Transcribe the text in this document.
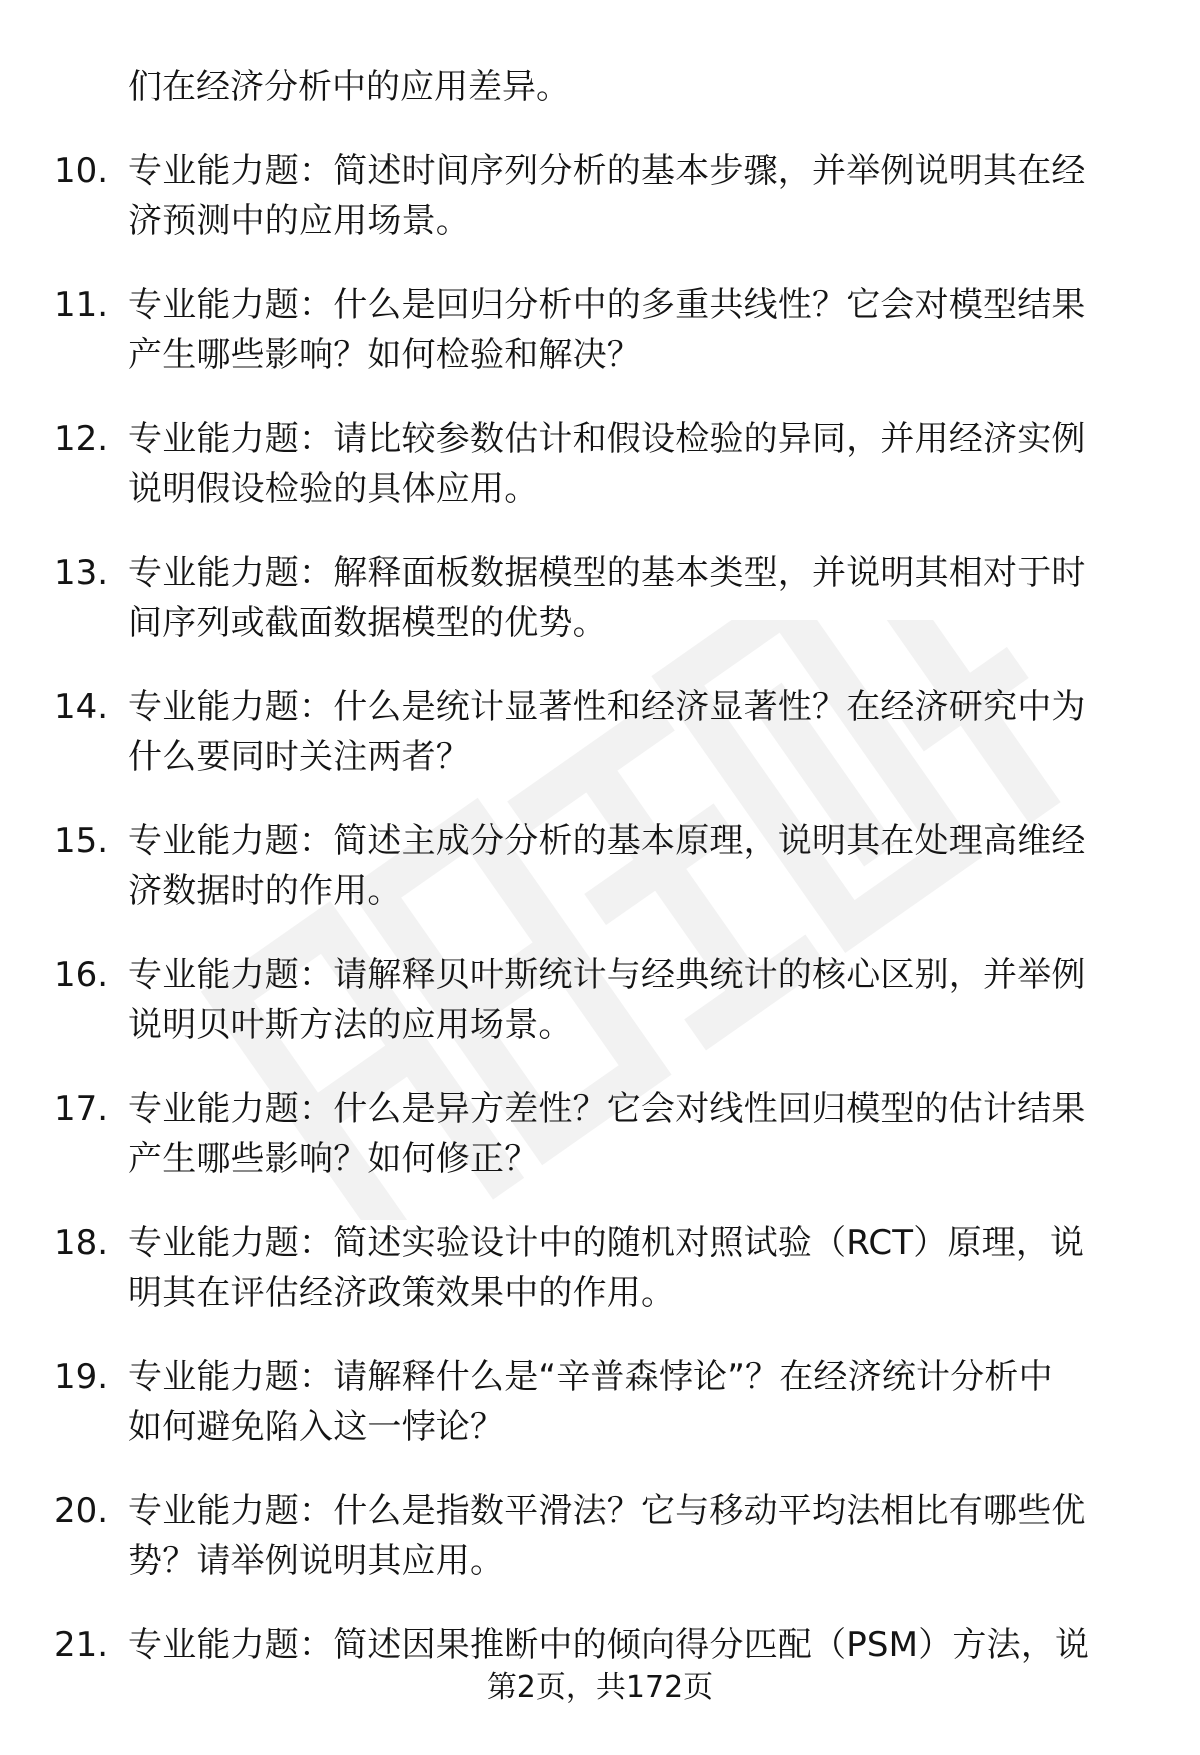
们在经济分析中的应用差异。
10. 专业能力题：简述时间序列分析的基本步骤，并举例说明其在经
济预测中的应用场景。
11. 专业能力题：什么是回归分析中的多重共线性？它会对模型结果
产生哪些影响？如何检验和解决？
12. 专业能力题：请比较参数估计和假设检验的异同，并用经济实例
说明假设检验的具体应用。
13. 专业能力题：解释面板数据模型的基本类型，并说明其相对于时
间序列或截面数据模型的优势。
14. 专业能力题：什么是统计显著性和经济显著性？在经济研究中为
什么要同时关注两者？
15. 专业能力题：简述主成分分析的基本原理，说明其在处理高维经
济数据时的作用。
16. 专业能力题：请解释贝叶斯统计与经典统计的核心区别，并举例
说明贝叶斯方法的应用场景。
17. 专业能力题：什么是异方差性？它会对线性回归模型的估计结果
产生哪些影响？如何修正？
18. 专业能力题：简述实验设计中的随机对照试验（RCT）原理，说
明其在评估经济政策效果中的作用。
19. 专业能力题：请解释什么是“辛普森悖论”？在经济统计分析中
如何避免陷入这一悖论？
20. 专业能力题：什么是指数平滑法？它与移动平均法相比有哪些优
势？请举例说明其应用。
21. 专业能力题：简述因果推断中的倾向得分匹配（PSM）方法，说
第2页，共172页
